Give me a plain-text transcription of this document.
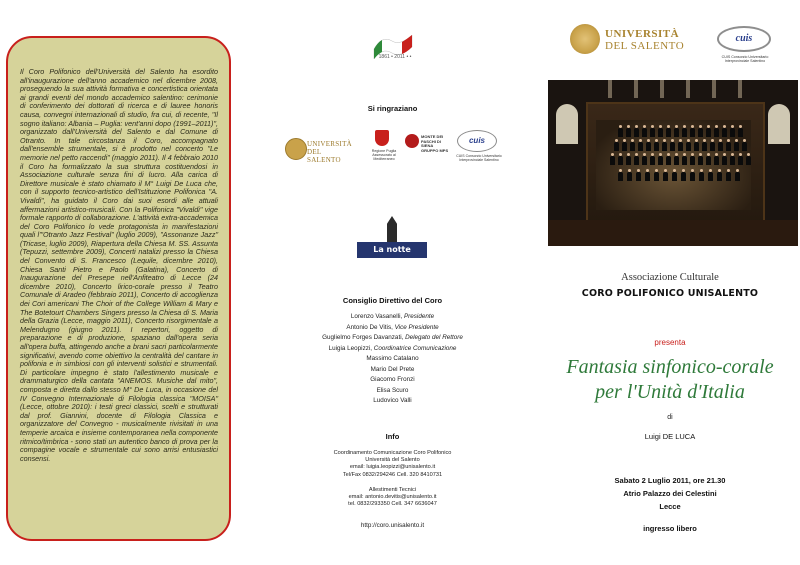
Il Coro Polifonico dell'Università del Salento ha esordito all'inaugurazione dell'anno accademico nel dicembre 2008, proseguendo la sua attività formativa e concertistica orientata ai grandi eventi del mondo accademico salentino: cerimonie di conferimento dei dottorati di ricerca e di lauree honoris causa, convegni internazionali di studio, fra cui, di recente, "Il sogno italiano: Albania – Puglia: vent'anni dopo (1991–2011)", organizzato dall'Università del Salento e dal Comune di Otranto. In tale circostanza il Coro, accompagnato dall'ensemble strumentale, si è prodotto nel concerto "Le memorie nel petto raccendi" (maggio 2011). Il 4 febbraio 2010 il Coro ha formalizzato la sua struttura costituendosi in Associazione culturale senza fini di lucro. Alla carica di Direttore musicale è stato chiamato il M° Luigi De Luca che, con il supporto tecnico-artistico dell'Istituzione Polifonica "A. Vivaldi", ha guidato il Coro dai suoi esordi alle attuali affermazioni artistico-musicali. Con la Polifonica "Vivaldi" vige formale rapporto di collaborazione. L'attività extra-accademica del Coro Polifonico lo vede protagonista in manifestazioni quali l'"Otranto Jazz Festival" (luglio 2009), "Assonanze Jazz" (Tricase, luglio 2009), Riapertura della Chiesa M. SS. Assunta (Tepuzzi, settembre 2009), Concerti natalizi presso la Chiesa del Convento di S. Francesco (Lequile, dicembre 2010), Chiesa Santi Pietro e Paolo (Galatina), Concerto di Inaugurazione del Presepe nell'Anfiteatro di Lecce (24 dicembre 2010), Concerto lirico-corale presso il Teatro Comunale di Aradeo (febbraio 2011), Concerto di accoglienza dei Cori americani The Choir of the College William & Mary e The Botetourt Chambers Singers presso la Chiesa di S. Maria della Grazia (Lecce, maggio 2011), Concerto risorgimentale a Melendugno (giugno 2011). I repertori, oggetto di preparazione e di produzione, spaziano dall'opera seria all'opera buffa, attingendo anche a brani sacri particolarmente significativi, avendo come obiettivo la centralità del cantare in polifonia e in simbiosi con gli interventi solistici e strumentali. Di particolare impegno è stato l'allestimento musicale e drammaturgico della cantata "ANEMOS. Musiche dal mito", composta e diretta dallo stesso M° De Luca, in occasione del IV Convegno Internazionale di Filologia classica "MOISA" (Lecce, ottobre 2010): i testi greci classici, scelti e strutturati dal prof. Giannini, docente di Filologia Classica e organizzatore del Convegno - musicalmente rivisitati in una temperie arcaica e insieme contemporanea nella componente ritmico/timbrica - sono stati un autentico banco di prova per la compagine vocale e strumentale cui sono arrisi entusiastici consensi.

1861 • 2011 • •
Si ringraziano
UNIVERSITÀ
DEL SALENTO
Regione Puglia Assessorato al Mediterraneo
MONTE DEI PASCHI DI SIENA GRUPPO MPS
cuis
CUIS Consorzio Universitario Interprovinciale Salentino
La notte bianca
Consiglio Direttivo del Coro
Lorenzo Vasanelli, Presidente
Antonio De Vitis, Vice Presidente
Guglielmo Forges Davanzati, Delegato del Rettore
Luigia Leopizzi, Coordinatrice Comunicazione
Massimo Catalano
Mario Del Prete
Giacomo Fronzi
Elisa Scuro
Ludovico Valli
Info
Coordinamento Comunicazione Coro Polifonico
Università del Salento
email: luigia.leopizzi@unisalento.it
Tel/Fax 0832/294246 Cell. 320 8410731
Allestimenti Tecnici
email: antonio.devitis@unisalento.it
tel. 0832/293350 Cell. 347 6636047
http://coro.unisalento.it
UNIVERSITÀ
DEL SALENTO
cuis
CUIS Consorzio Universitario Interprovinciale Salentino
Associazione Culturale
CORO POLIFONICO UNISALENTO
presenta
Fantasia sinfonico-corale
per l'Unità d'Italia
di
Luigi DE LUCA
Sabato 2 Luglio 2011, ore 21.30
Atrio Palazzo dei Celestini
Lecce
ingresso libero
